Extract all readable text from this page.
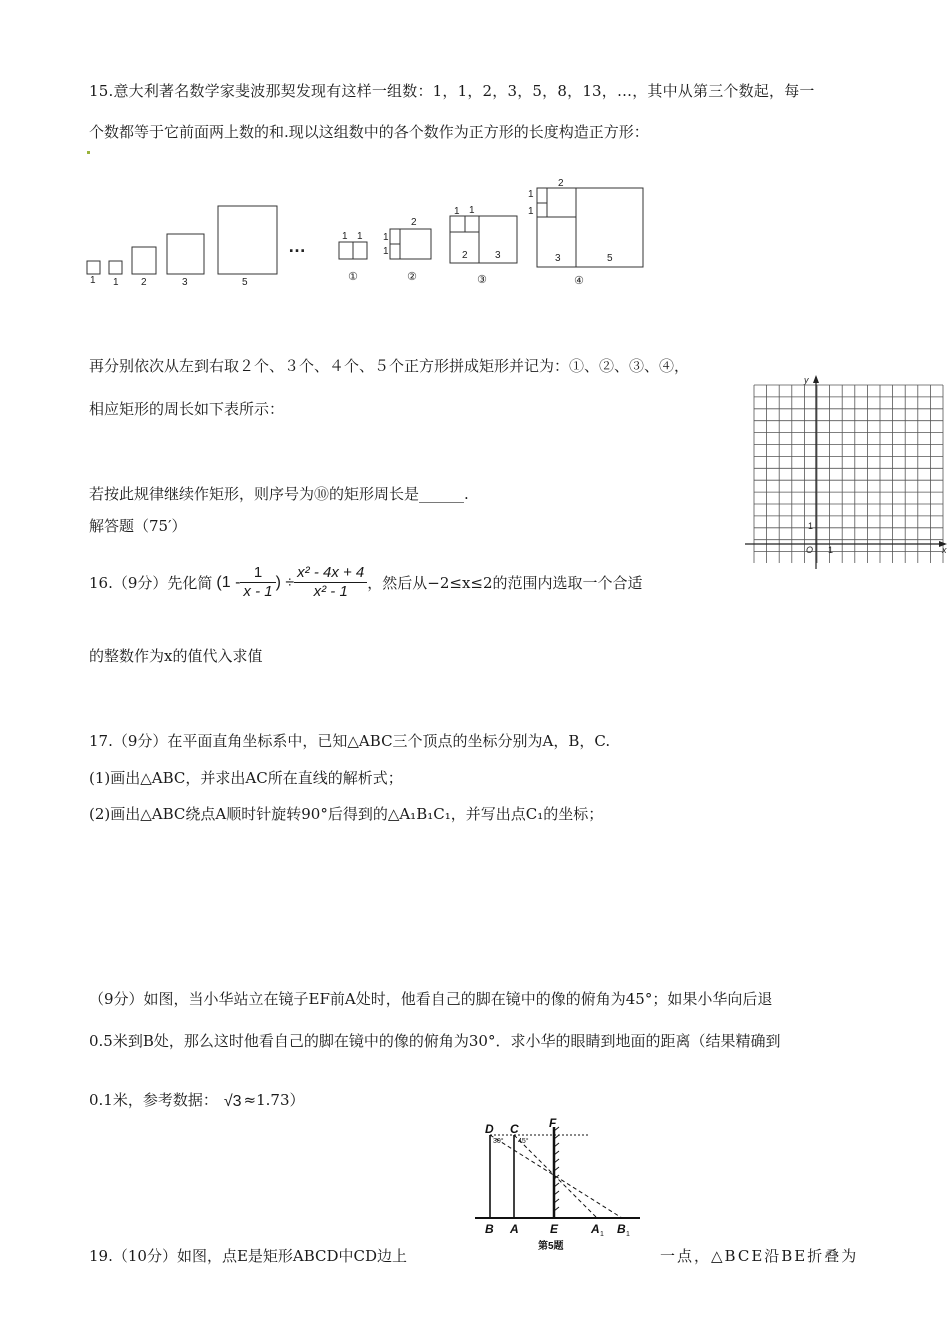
15.意大利著名数学家斐波那契发现有这样一组数：1，1，2，3，5，8，13，…，其中从第三个数起，每一
个数都等于它前面两上数的和.现以这组数中的各个数作为正方形的长度构造正方形：
1 1 2	3	5
…	1 1
①
1
1
2
②
1 1
2	3
③
2
1
1
3	5
④
再分别依次从左到右取２个、３个、４个、５个正方形拼成矩形并记为：①、②、③、④，
相应矩形的周长如下表所示：
y
x
O 1
1
若按此规律继续作矩形，则序号为⑩的矩形周长是______.
解答题（75′）
16.（9分）先化简 (1 -
1
x - 1
) ÷ $\frac{\text{x² - 4x + 4}}{\text{x² - 1}}$ ，然后从−2≤x≤2的范围内选取一个合适
的整数作为x的值代入求值
17.（9分）在平面直角坐标系中，已知△ABC三个顶点的坐标分别为A，B，C.
(1)画出△ABC，并求出AC所在直线的解析式；
(2)画出△ABC绕点A顺时针旋转90°后得到的△A₁B₁C₁，并写出点C₁的坐标；
（9分）如图，当小华站立在镜子EF前A处时，他看自己的脚在镜中的像的俯角为45°；如果小华向后退
0.5米到B处，那么这时他看自己的脚在镜中的像的俯角为30°．求小华的眼睛到地面的距离（结果精确到
0.1米，参考数据： √3 ≈1.73）
D C	F
B A	E	A B
1	1
30° 45°
第5题
19.（10分）如图，点E是矩形ABCD中CD边上	一点，△BCE沿BE折叠为
